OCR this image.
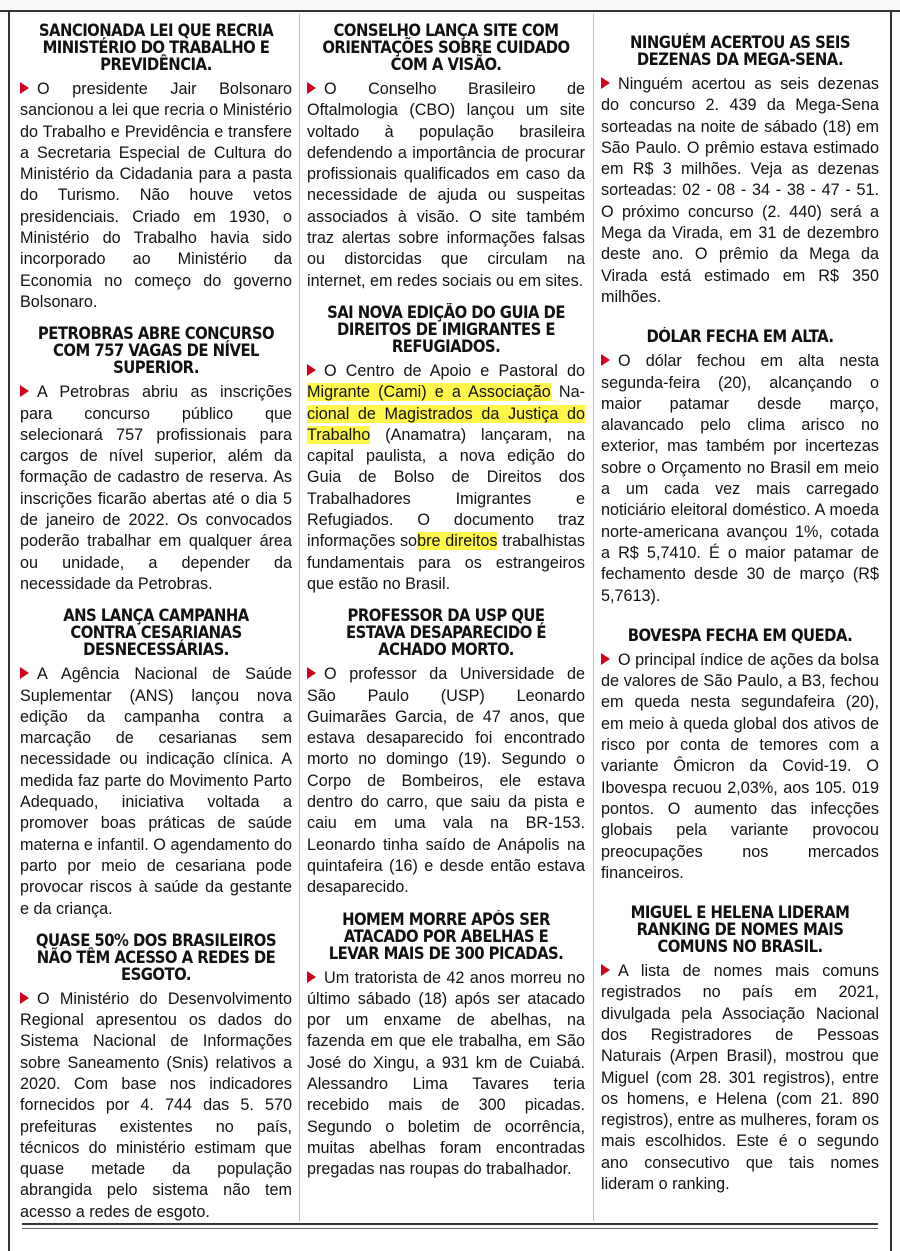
SANCIONADA LEI QUE RECRIA MINISTÉRIO DO TRABALHO E PREVIDÊNCIA.

O presidente Jair Bolsonaro sancionou a lei que recria o Ministério do Trabalho e Previdência e transfere a Secretaria Especial de Cultura do Ministério da Cidadania para a pasta do Turismo. Não houve vetos presidenciais. Criado em 1930, o Ministério do Trabalho havia sido incorporado ao Ministério da Economia no começo do governo Bolsonaro.

PETROBRAS ABRE CONCURSO COM 757 VAGAS DE NÍVEL SUPERIOR.

A Petrobras abriu as inscrições para concurso público que selecionará 757 profissionais para cargos de nível superior, além da formação de cadastro de reserva. As inscrições ficarão abertas até o dia 5 de janeiro de 2022. Os convocados poderão trabalhar em qualquer área ou unidade, a depender da necessidade da Petrobras.

ANS LANÇA CAMPANHA CONTRA CESARIANAS DESNECESSÁRIAS.

A Agência Nacional de Saúde Suplementar (ANS) lançou nova edição da campanha contra a marcação de cesarianas sem necessidade ou indicação clínica. A medida faz parte do Movimento Parto Adequado, iniciativa voltada a promover boas práticas de saúde materna e infantil. O agendamento do parto por meio de cesariana pode provocar riscos à saúde da gestante e da criança.

QUASE 50% DOS BRASILEIROS NÃO TÊM ACESSO A REDES DE ESGOTO.

O Ministério do Desenvolvimento Regional apresentou os dados do Sistema Nacional de Informações sobre Saneamento (Snis) relativos a 2020. Com base nos indicadores fornecidos por 4. 744 das 5. 570 prefeituras existentes no país, técnicos do ministério estimam que quase metade da população abrangida pelo sistema não tem acesso a redes de esgoto.

CONSELHO LANÇA SITE COM ORIENTAÇÕES SOBRE CUIDADO COM A VISÃO.

O Conselho Brasileiro de Oftalmologia (CBO) lançou um site voltado à população brasileira defendendo a importância de procurar profissionais qualificados em caso da necessidade de ajuda ou suspeitas associados à visão. O site também traz alertas sobre informações falsas ou distorcidas que circulam na internet, em redes sociais ou em sites.

SAI NOVA EDIÇÃO DO GUIA DE DIREITOS DE IMIGRANTES E REFUGIADOS.

O Centro de Apoio e Pastoral do Migrante (Cami) e a Associação Na-cional de Magistrados da Justiça do Trabalho (Anamatra) lançaram, na capital paulista, a nova edição do Guia de Bolso de Direitos dos Trabalhadores Imigrantes e Refugiados. O documento traz informações sobre direitos trabalhistas fundamentais para os estrangeiros que estão no Brasil.

PROFESSOR DA USP QUE ESTAVA DESAPARECIDO É ACHADO MORTO.

O professor da Universidade de São Paulo (USP) Leonardo Guimarães Garcia, de 47 anos, que estava desaparecido foi encontrado morto no domingo (19). Segundo o Corpo de Bombeiros, ele estava dentro do carro, que saiu da pista e caiu em uma vala na BR-153. Leonardo tinha saído de Anápolis na quintafeira (16) e desde então estava desaparecido.

HOMEM MORRE APÓS SER ATACADO POR ABELHAS E LEVAR MAIS DE 300 PICADAS.

Um tratorista de 42 anos morreu no último sábado (18) após ser atacado por um enxame de abelhas, na fazenda em que ele trabalha, em São José do Xingu, a 931 km de Cuiabá. Alessandro Lima Tavares teria recebido mais de 300 picadas. Segundo o boletim de ocorrência, muitas abelhas foram encontradas pregadas nas roupas do trabalhador.

NINGUÉM ACERTOU AS SEIS DEZENAS DA MEGA-SENA.

Ninguém acertou as seis dezenas do concurso 2. 439 da Mega-Sena sorteadas na noite de sábado (18) em São Paulo. O prêmio estava estimado em R$ 3 milhões. Veja as dezenas sorteadas: 02 - 08 - 34 - 38 - 47 - 51. O próximo concurso (2. 440) será a Mega da Virada, em 31 de dezembro deste ano. O prêmio da Mega da Virada está estimado em R$ 350 milhões.

DÓLAR FECHA EM ALTA.

O dólar fechou em alta nesta segunda-feira (20), alcançando o maior patamar desde março, alavancado pelo clima arisco no exterior, mas também por incertezas sobre o Orçamento no Brasil em meio a um cada vez mais carregado noticiário eleitoral doméstico. A moeda norte-americana avançou 1%, cotada a R$ 5,7410. É o maior patamar de fechamento desde 30 de março (R$ 5,7613).

BOVESPA FECHA EM QUEDA.

O principal índice de ações da bolsa de valores de São Paulo, a B3, fechou em queda nesta segundafeira (20), em meio à queda global dos ativos de risco por conta de temores com a variante Ômicron da Covid-19. O Ibovespa recuou 2,03%, aos 105. 019 pontos. O aumento das infecções globais pela variante provocou preocupações nos mercados financeiros.

MIGUEL E HELENA LIDERAM RANKING DE NOMES MAIS COMUNS NO BRASIL.

A lista de nomes mais comuns registrados no país em 2021, divulgada pela Associação Nacional dos Registradores de Pessoas Naturais (Arpen Brasil), mostrou que Miguel (com 28. 301 registros), entre os homens, e Helena (com 21. 890 registros), entre as mulheres, foram os mais escolhidos. Este é o segundo ano consecutivo que tais nomes lideram o ranking.
